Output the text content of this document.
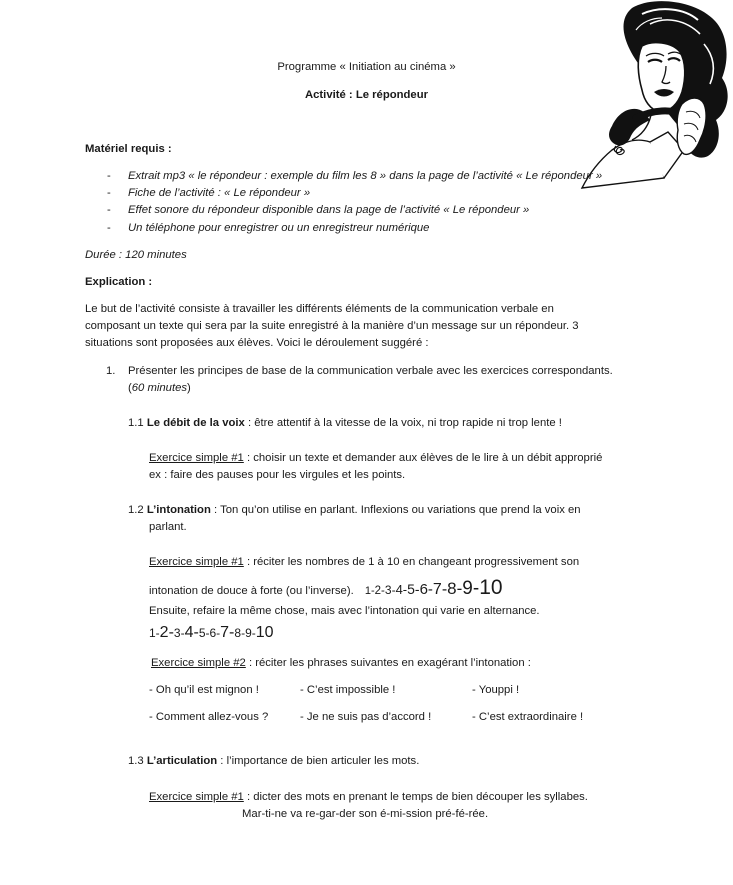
Programme « Initiation au cinéma »
Activité : Le répondeur
Matériel requis :
- Extrait mp3 « le répondeur : exemple du film les 8 » dans la page de l’activité « Le répondeur »
- Fiche de l’activité : « Le répondeur »
- Effet sonore du répondeur disponible dans la page de l’activité « Le répondeur »
- Un téléphone pour enregistrer ou un enregistreur numérique
Durée : 120 minutes
Explication :
Le but de l’activité consiste à travailler les différents éléments de la communication verbale en
composant un texte qui sera par la suite enregistré à la manière d’un message sur un répondeur. 3
situations sont proposées aux élèves. Voici le déroulement suggéré :
1. Présenter les principes de base de la communication verbale avec les exercices correspondants.
(60 minutes)
1.1 Le débit de la voix : être attentif à la vitesse de la voix, ni trop rapide ni trop lente !
Exercice simple #1 : choisir un texte et demander aux élèves de le lire à un débit approprié
ex : faire des pauses pour les virgules et les points.
1.2 L’intonation : Ton qu’on utilise en parlant. Inflexions ou variations que prend la voix en
parlant.
Exercice simple #1 : réciter les nombres de 1 à 10 en changeant progressivement son
intonation de douce à forte (ou l’inverse). 1-2-3-4-5-6-7-8-9-10
Ensuite, refaire la même chose, mais avec l’intonation qui varie en alternance.
1-2-3-4-5-6-7-8-9-10
Exercice simple #2 : réciter les phrases suivantes en exagérant l’intonation :
- Oh qu’il est mignon !	- C’est impossible !	- Youppi !
- Comment allez-vous ?	- Je ne suis pas d’accord !	- C’est extraordinaire !
1.3 L’articulation : l’importance de bien articuler les mots.
Exercice simple #1 : dicter des mots en prenant le temps de bien découper les syllabes.
Mar-ti-ne va re-gar-der son é-mi-ssion pré-fé-rée.
